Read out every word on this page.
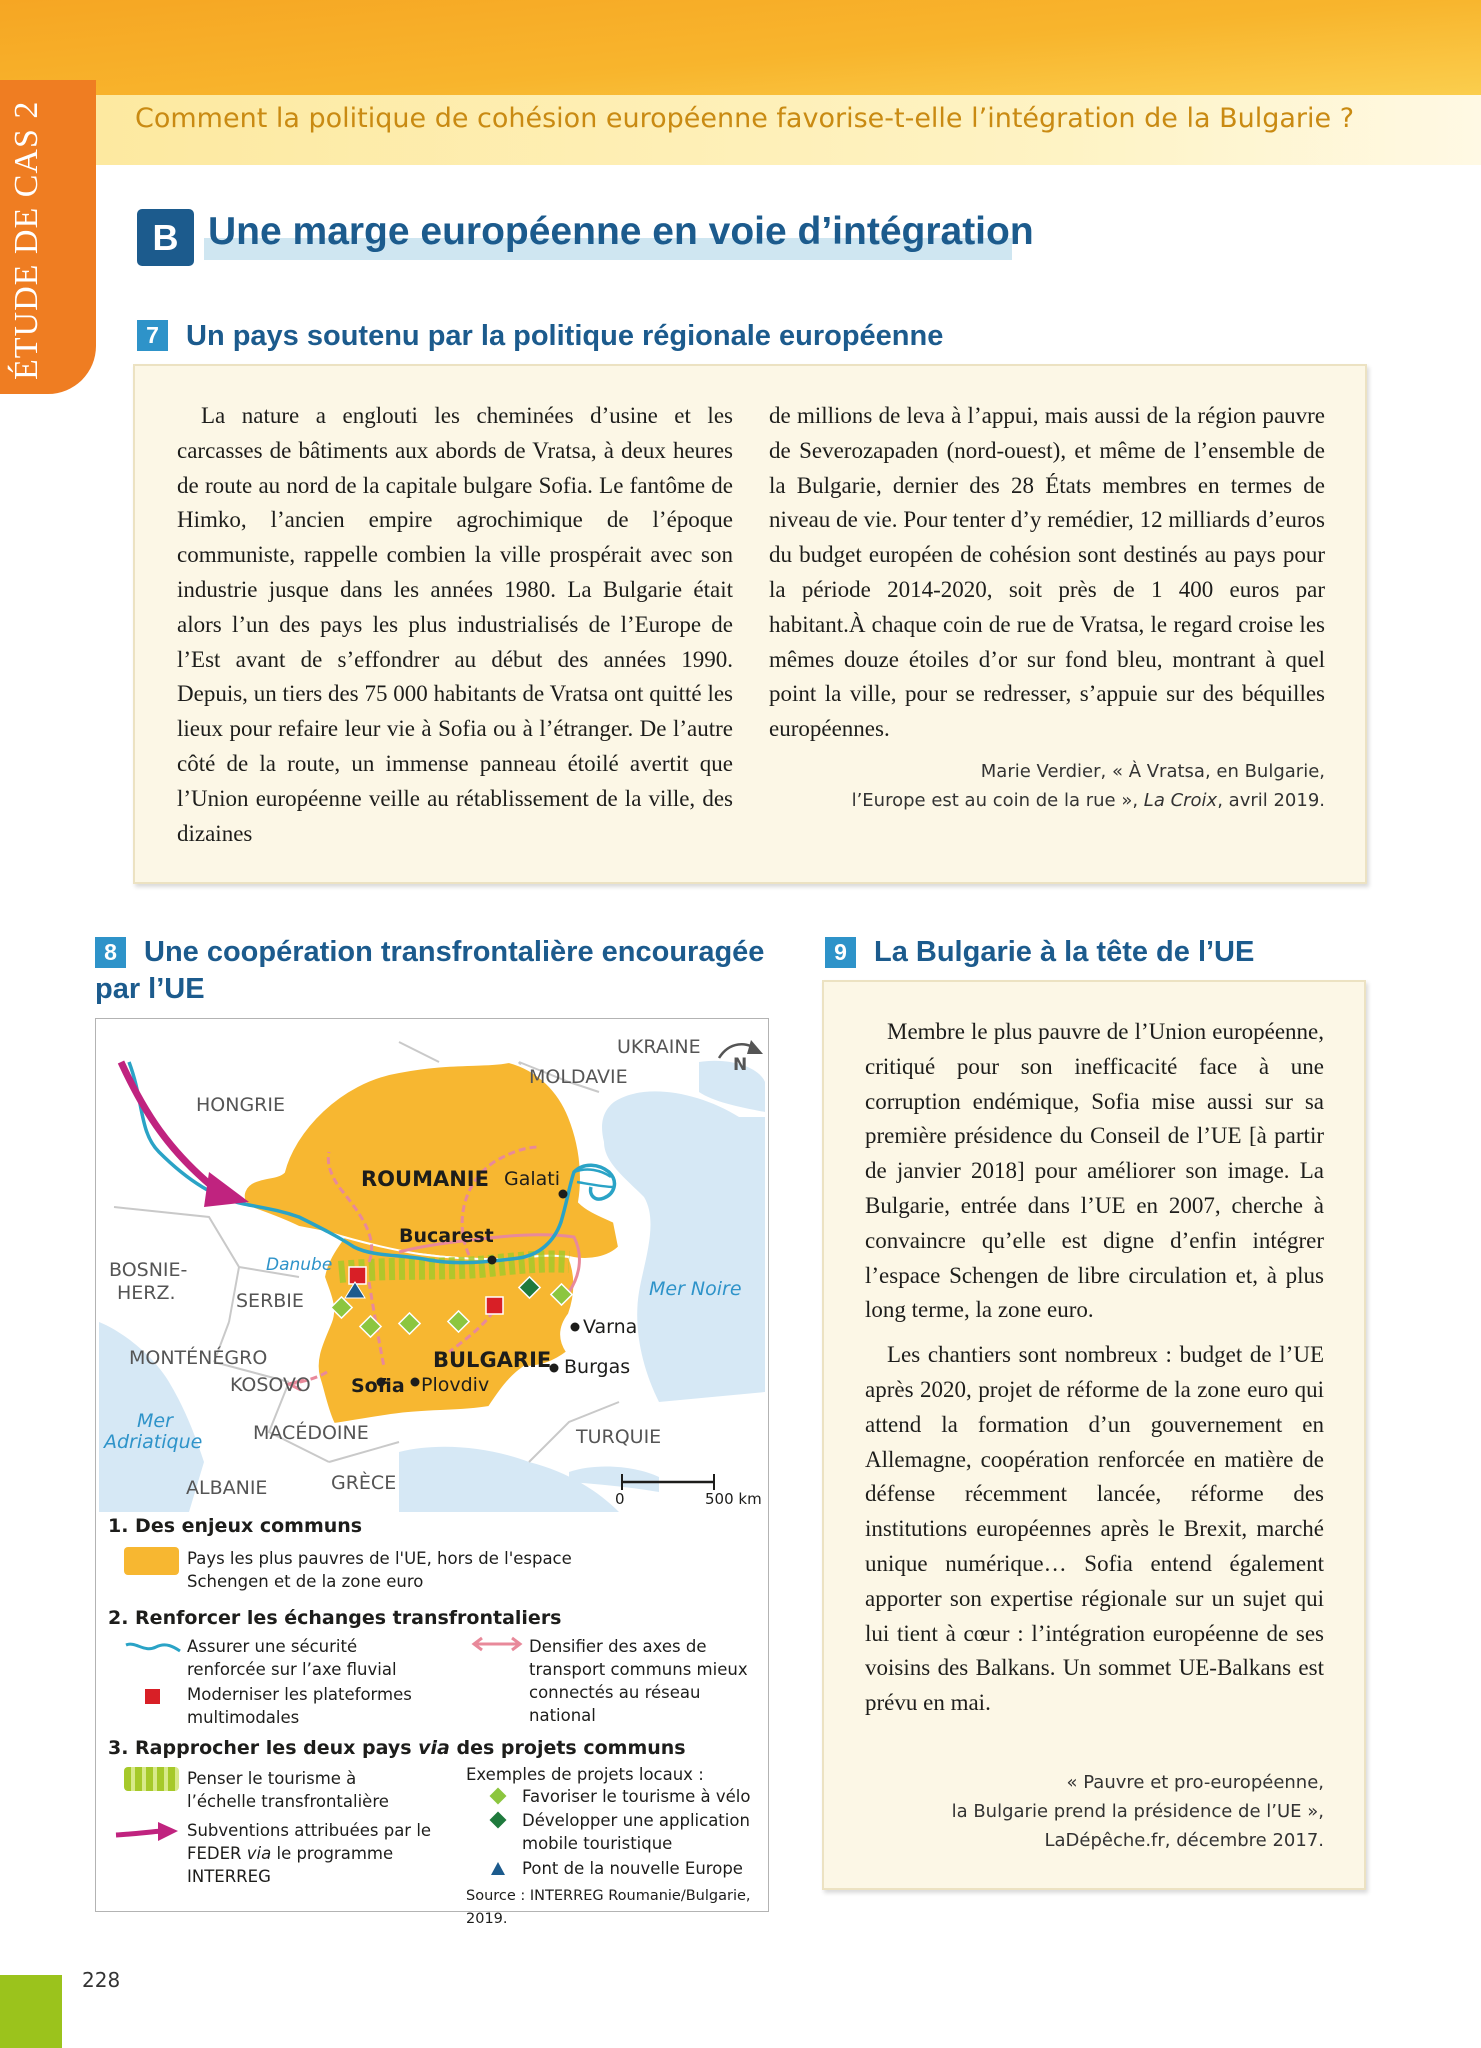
Comment la politique de cohésion européenne favorise-t-elle l’intégration de la Bulgarie ?
ÉTUDE DE CAS 2	B Une marge européenne en voie d’intégration
7 Un pays soutenu par la politique régionale européenne
La nature a englouti les cheminées d’usine et les carcasses de bâtiments aux abords de Vratsa, à deux heures de route au nord de la capitale bulgare Sofia. Le fantôme de Himko, l’ancien empire agrochimique de l’époque communiste, rappelle combien la ville prospérait avec son industrie jusque dans les années 1980. La Bulgarie était alors l’un des pays les plus industrialisés de l’Europe de l’Est avant de s’effondrer au début des années 1990. Depuis, un tiers des 75 000 habitants de Vratsa ont quitté les lieux pour refaire leur vie à Sofia ou à l’étranger. De l’autre côté de la route, un immense panneau étoilé avertit que l’Union européenne veille au rétablissement de la ville, des dizaines
de millions de leva à l’appui, mais aussi de la région pauvre de Severozapaden (nord-ouest), et même de l’ensemble de la Bulgarie, dernier des 28 États membres en termes de niveau de vie. Pour tenter d’y remédier, 12 milliards d’euros du budget européen de cohésion sont destinés au pays pour la période 2014-2020, soit près de 1 400 euros par habitant.À chaque coin de rue de Vratsa, le regard croise les mêmes douze étoiles d’or sur fond bleu, montrant à quel point la ville, pour se redresser, s’appuie sur des béquilles européennes.
Marie Verdier, « À Vratsa, en Bulgarie,
l’Europe est au coin de la rue », La Croix, avril 2019.
8 Une coopération transfrontalière encouragée
par l’UE
UKRAINE
MOLDAVIE
HONGRIE
ROUMANIE Galati
Bucarest
Danube
BOSNIE-
HERZ.	SERBIE
Mer Noire
Varna
MONTÉNÉGRO	BULGARIE Burgas
KOSOVO Sofia Plovdiv
Mer
Adriatique	MACÉDOINE	TURQUIE
ALBANIE	GRÈCE
N
0	500 km
1. Des enjeux communs
Pays les plus pauvres de l'UE, hors de l'espace Schengen et de la zone euro
2. Renforcer les échanges transfrontaliers
Assurer une sécurité renforcée sur l’axe fluvial
Moderniser les plateformes multimodales
Densifier des axes de transport communs mieux connectés au réseau national
3. Rapprocher les deux pays via des projets communs
Penser le tourisme à l’échelle transfrontalière
Subventions attribuées par le FEDER via le programme INTERREG
Exemples de projets locaux :
Favoriser le tourisme à vélo
Développer une application mobile touristique
Pont de la nouvelle Europe
Source : INTERREG Roumanie/Bulgarie, 2019.
9 La Bulgarie à la tête de l’UE

Membre le plus pauvre de l’Union européenne, critiqué pour son inefficacité face à une corruption endémique, Sofia mise aussi sur sa première présidence du Conseil de l’UE [à partir de janvier 2018] pour améliorer son image. La Bulgarie, entrée dans l’UE en 2007, cherche à convaincre qu’elle est digne d’enfin intégrer l’espace Schengen de libre circulation et, à plus long terme, la zone euro.

Les chantiers sont nombreux : budget de l’UE après 2020, projet de réforme de la zone euro qui attend la formation d’un gouvernement en Allemagne, coopération renforcée en matière de défense récemment lancée, réforme des institutions européennes après le Brexit, marché unique numérique… Sofia entend également apporter son expertise régionale sur un sujet qui lui tient à cœur : l’intégration européenne de ses voisins des Balkans. Un sommet UE-Balkans est prévu en mai.

« Pauvre et pro-européenne,
la Bulgarie prend la présidence de l’UE »,
LaDépêche.fr, décembre 2017.
228
